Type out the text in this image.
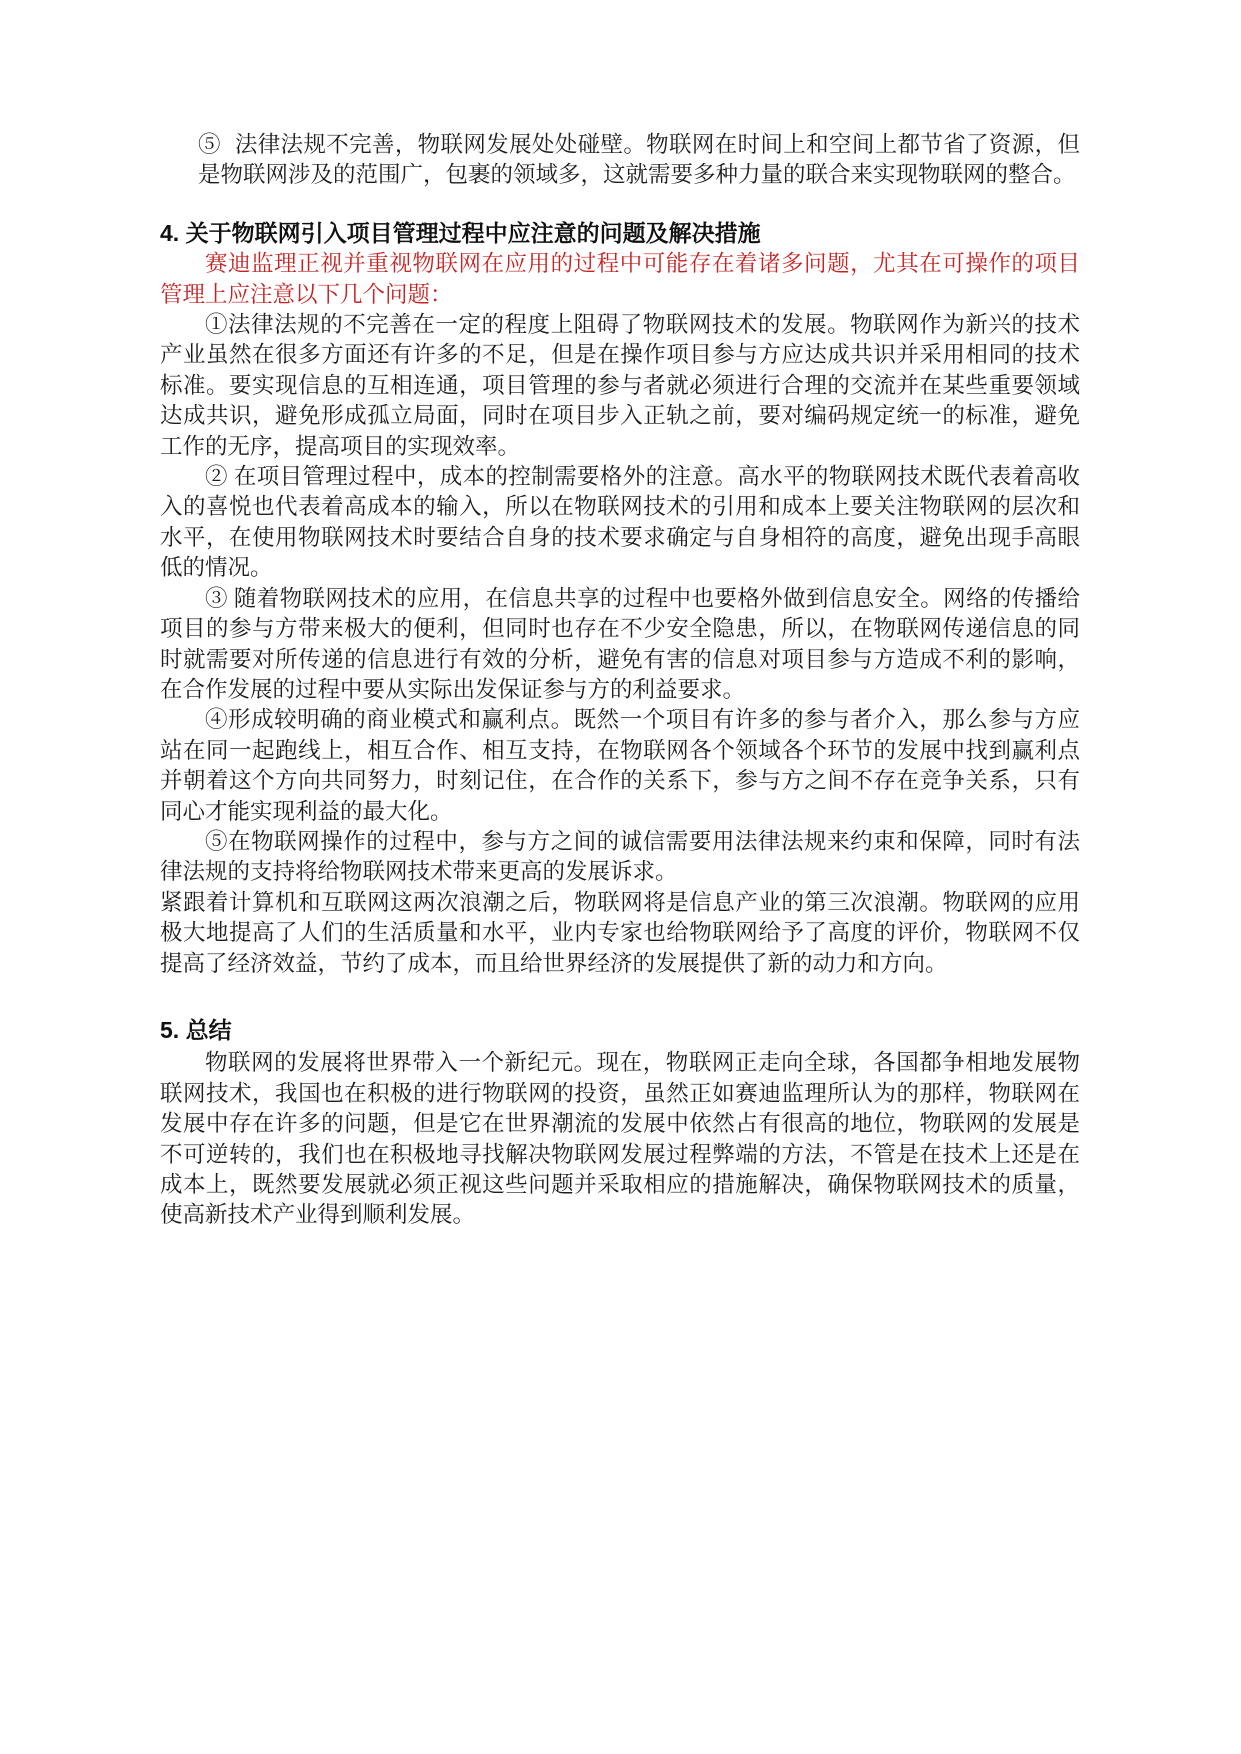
⑤ 法律法规不完善，物联网发展处处碰壁。物联网在时间上和空间上都节省了资源，但是物联网涉及的范围广，包裹的领域多，这就需要多种力量的联合来实现物联网的整合。

4. 关于物联网引入项目管理过程中应注意的问题及解决措施

赛迪监理正视并重视物联网在应用的过程中可能存在着诸多问题，尤其在可操作的项目管理上应注意以下几个问题：

①法律法规的不完善在一定的程度上阻碍了物联网技术的发展。物联网作为新兴的技术产业虽然在很多方面还有许多的不足，但是在操作项目参与方应达成共识并采用相同的技术标准。要实现信息的互相连通，项目管理的参与者就必须进行合理的交流并在某些重要领域达成共识，避免形成孤立局面，同时在项目步入正轨之前，要对编码规定统一的标准，避免工作的无序，提高项目的实现效率。

② 在项目管理过程中，成本的控制需要格外的注意。高水平的物联网技术既代表着高收入的喜悦也代表着高成本的输入，所以在物联网技术的引用和成本上要关注物联网的层次和水平，在使用物联网技术时要结合自身的技术要求确定与自身相符的高度，避免出现手高眼低的情况。

③ 随着物联网技术的应用，在信息共享的过程中也要格外做到信息安全。网络的传播给项目的参与方带来极大的便利，但同时也存在不少安全隐患，所以，在物联网传递信息的同时就需要对所传递的信息进行有效的分析，避免有害的信息对项目参与方造成不利的影响，在合作发展的过程中要从实际出发保证参与方的利益要求。

④形成较明确的商业模式和赢利点。既然一个项目有许多的参与者介入，那么参与方应站在同一起跑线上，相互合作、相互支持，在物联网各个领域各个环节的发展中找到赢利点并朝着这个方向共同努力，时刻记住，在合作的关系下，参与方之间不存在竞争关系，只有同心才能实现利益的最大化。

⑤在物联网操作的过程中，参与方之间的诚信需要用法律法规来约束和保障，同时有法律法规的支持将给物联网技术带来更高的发展诉求。

紧跟着计算机和互联网这两次浪潮之后，物联网将是信息产业的第三次浪潮。物联网的应用极大地提高了人们的生活质量和水平，业内专家也给物联网给予了高度的评价，物联网不仅提高了经济效益，节约了成本，而且给世界经济的发展提供了新的动力和方向。

5. 总结

物联网的发展将世界带入一个新纪元。现在，物联网正走向全球，各国都争相地发展物联网技术，我国也在积极的进行物联网的投资，虽然正如赛迪监理所认为的那样，物联网在发展中存在许多的问题，但是它在世界潮流的发展中依然占有很高的地位，物联网的发展是不可逆转的，我们也在积极地寻找解决物联网发展过程弊端的方法，不管是在技术上还是在成本上，既然要发展就必须正视这些问题并采取相应的措施解决，确保物联网技术的质量，使高新技术产业得到顺利发展。
